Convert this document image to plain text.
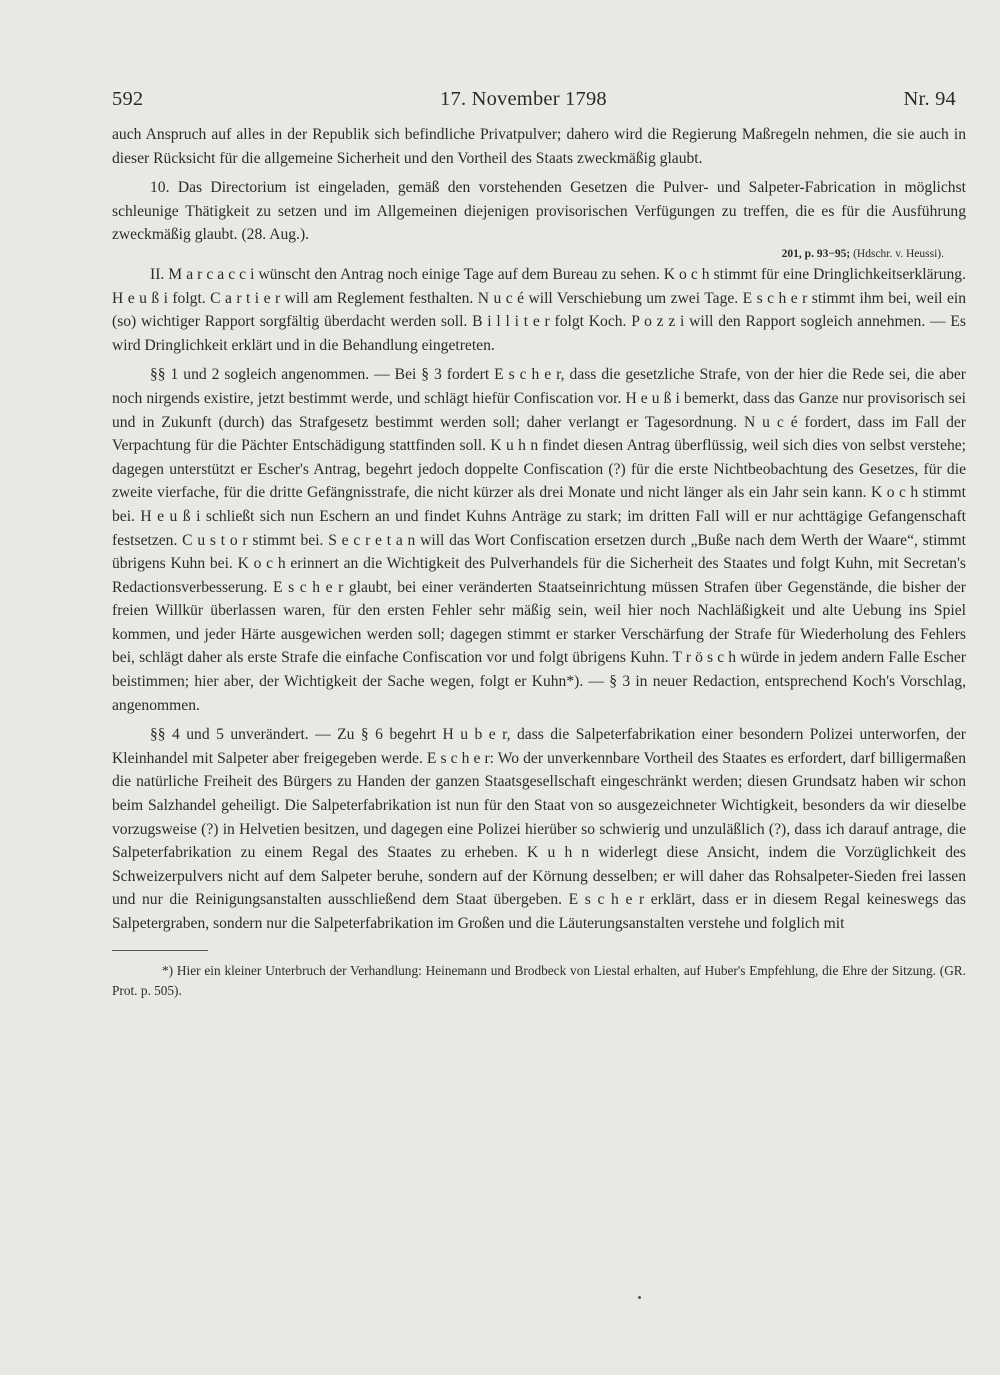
592	17. November 1798	Nr. 94

auch Anspruch auf alles in der Republik sich befindliche Privatpulver; dahero wird die Regierung Maßregeln nehmen, die sie auch in dieser Rücksicht für die allgemeine Sicherheit und den Vortheil des Staats zweckmäßig glaubt.

10. Das Directorium ist eingeladen, gemäß den vorstehenden Gesetzen die Pulver- und Salpeter-Fabrication in möglichst schleunige Thätigkeit zu setzen und im Allgemeinen diejenigen provisorischen Verfügungen zu treffen, die es für die Ausführung zweckmäßig glaubt. (28. Aug.).

201, p. 93−95; (Hdschr. v. Heussi).

II. M a r c a c c i wünscht den Antrag noch einige Tage auf dem Bureau zu sehen. K o c h stimmt für eine Dringlichkeitserklärung. H e u ß i folgt. C a r t i e r will am Reglement festhalten. N u c é will Verschiebung um zwei Tage. E s c h e r stimmt ihm bei, weil ein (so) wichtiger Rapport sorgfältig überdacht werden soll. B i l l i t e r folgt Koch. P o z z i will den Rapport sogleich annehmen. — Es wird Dringlichkeit erklärt und in die Behandlung eingetreten.

§§ 1 und 2 sogleich angenommen. — Bei § 3 fordert E s c h e r, dass die gesetzliche Strafe, von der hier die Rede sei, die aber noch nirgends existire, jetzt bestimmt werde, und schlägt hiefür Confiscation vor. H e u ß i bemerkt, dass das Ganze nur provisorisch sei und in Zukunft (durch) das Strafgesetz bestimmt werden soll; daher verlangt er Tagesordnung. N u c é fordert, dass im Fall der Verpachtung für die Pächter Entschädigung stattfinden soll. K u h n findet diesen Antrag überflüssig, weil sich dies von selbst verstehe; dagegen unterstützt er Escher's Antrag, begehrt jedoch doppelte Confiscation (?) für die erste Nichtbeobachtung des Gesetzes, für die zweite vierfache, für die dritte Gefängnisstrafe, die nicht kürzer als drei Monate und nicht länger als ein Jahr sein kann. K o c h stimmt bei. H e u ß i schließt sich nun Eschern an und findet Kuhns Anträge zu stark; im dritten Fall will er nur achttägige Gefangenschaft festsetzen. C u s t o r stimmt bei. S e c r e t a n will das Wort Confiscation ersetzen durch „Buße nach dem Werth der Waare“, stimmt übrigens Kuhn bei. K o c h erinnert an die Wichtigkeit des Pulverhandels für die Sicherheit des Staates und folgt Kuhn, mit Secretan's Redactionsverbesserung. E s c h e r glaubt, bei einer veränderten Staatseinrichtung müssen Strafen über Gegenstände, die bisher der freien Willkür überlassen waren, für den ersten Fehler sehr mäßig sein, weil hier noch Nachläßigkeit und alte Uebung ins Spiel kommen, und jeder Härte ausgewichen werden soll; dagegen stimmt er starker Verschärfung der Strafe für Wiederholung des Fehlers bei, schlägt daher als erste Strafe die einfache Confiscation vor und folgt übrigens Kuhn. T r ö s c h würde in jedem andern Falle Escher beistimmen; hier aber, der Wichtigkeit der Sache wegen, folgt er Kuhn*). — § 3 in neuer Redaction, entsprechend Koch's Vorschlag, angenommen.

§§ 4 und 5 unverändert. — Zu § 6 begehrt H u b e r, dass die Salpeterfabrikation einer besondern Polizei unterworfen, der Kleinhandel mit Salpeter aber freigegeben werde. E s c h e r: Wo der unverkennbare Vortheil des Staates es erfordert, darf billigermaßen die natürliche Freiheit des Bürgers zu Handen der ganzen Staatsgesellschaft eingeschränkt werden; diesen Grundsatz haben wir schon beim Salzhandel geheiligt. Die Salpeterfabrikation ist nun für den Staat von so ausgezeichneter Wichtigkeit, besonders da wir dieselbe vorzugsweise (?) in Helvetien besitzen, und dagegen eine Polizei hierüber so schwierig und unzuläßlich (?), dass ich darauf antrage, die Salpeterfabrikation zu einem Regal des Staates zu erheben. K u h n widerlegt diese Ansicht, indem die Vorzüglichkeit des Schweizerpulvers nicht auf dem Salpeter beruhe, sondern auf der Körnung desselben; er will daher das Rohsalpeter-Sieden frei lassen und nur die Reinigungsanstalten ausschließend dem Staat übergeben. E s c h e r erklärt, dass er in diesem Regal keineswegs das Salpetergraben, sondern nur die Salpeterfabrikation im Großen und die Läuterungsanstalten verstehe und folglich mit

*) Hier ein kleiner Unterbruch der Verhandlung: Heinemann und Brodbeck von Liestal erhalten, auf Huber's Empfehlung, die Ehre der Sitzung. (GR. Prot. p. 505).
